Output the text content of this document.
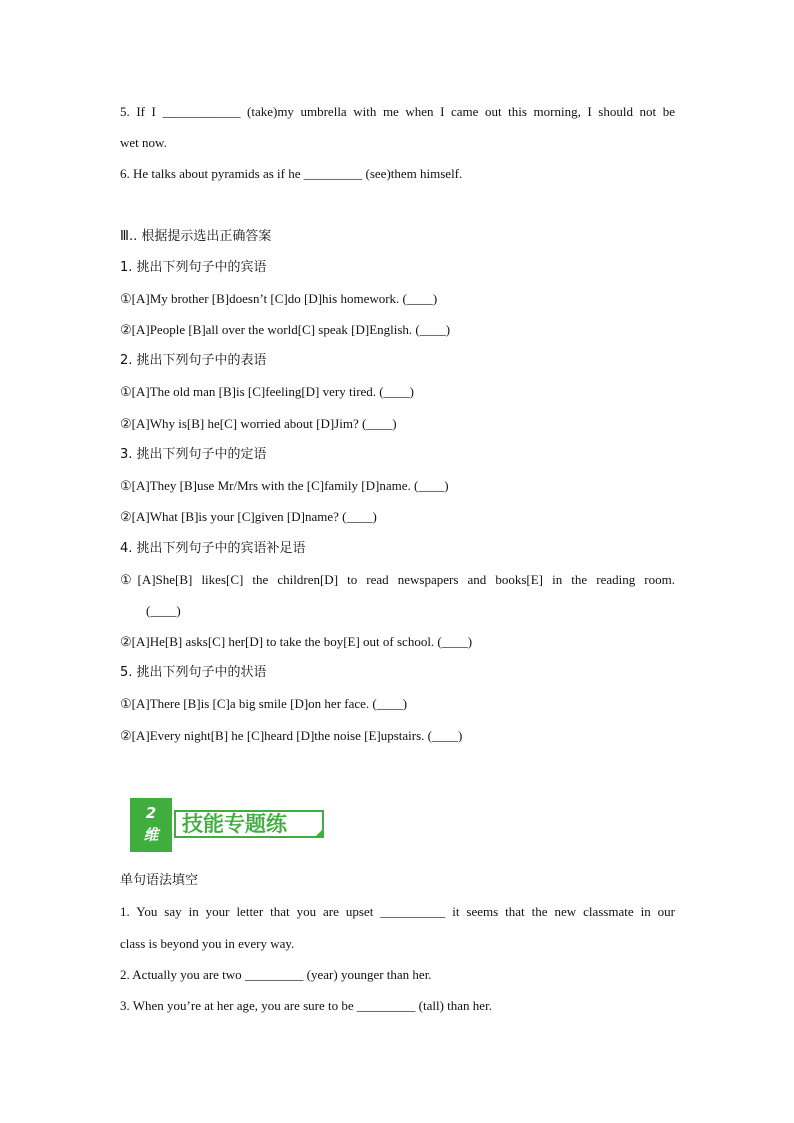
5. If I ____________ (take)my umbrella with me when I came out this morning, I should not be
wet now.
6. He talks about pyramids as if he _________ (see)them himself.
Ⅲ.. 根据提示选出正确答案
1. 挑出下列句子中的宾语
①[A]My brother [B]doesn’t [C]do [D]his homework. (____)
②[A]People [B]all over the world[C] speak [D]English. (____)
2. 挑出下列句子中的表语
①[A]The old man [B]is [C]feeling[D] very tired. (____)
②[A]Why is[B] he[C] worried about [D]Jim? (____)
3. 挑出下列句子中的定语
①[A]They [B]use Mr/Mrs with the [C]family [D]name. (____)
②[A]What [B]is your [C]given [D]name? (____)
4. 挑出下列句子中的宾语补足语
①[A]She[B] likes[C] the children[D] to read newspapers and books[E] in the reading room.
(____)
②[A]He[B] asks[C] her[D] to take the boy[E] out of school. (____)
5. 挑出下列句子中的状语
①[A]There [B]is [C]a big smile [D]on her face. (____)
②[A]Every night[B] he [C]heard [D]the noise [E]upstairs. (____)
2
维	技能专题练
单句语法填空
1. You say in your letter that you are upset __________ it seems that the new classmate in our
class is beyond you in every way.
2. Actually you are two _________ (year) younger than her.
3. When you’re at her age, you are sure to be _________ (tall) than her.
